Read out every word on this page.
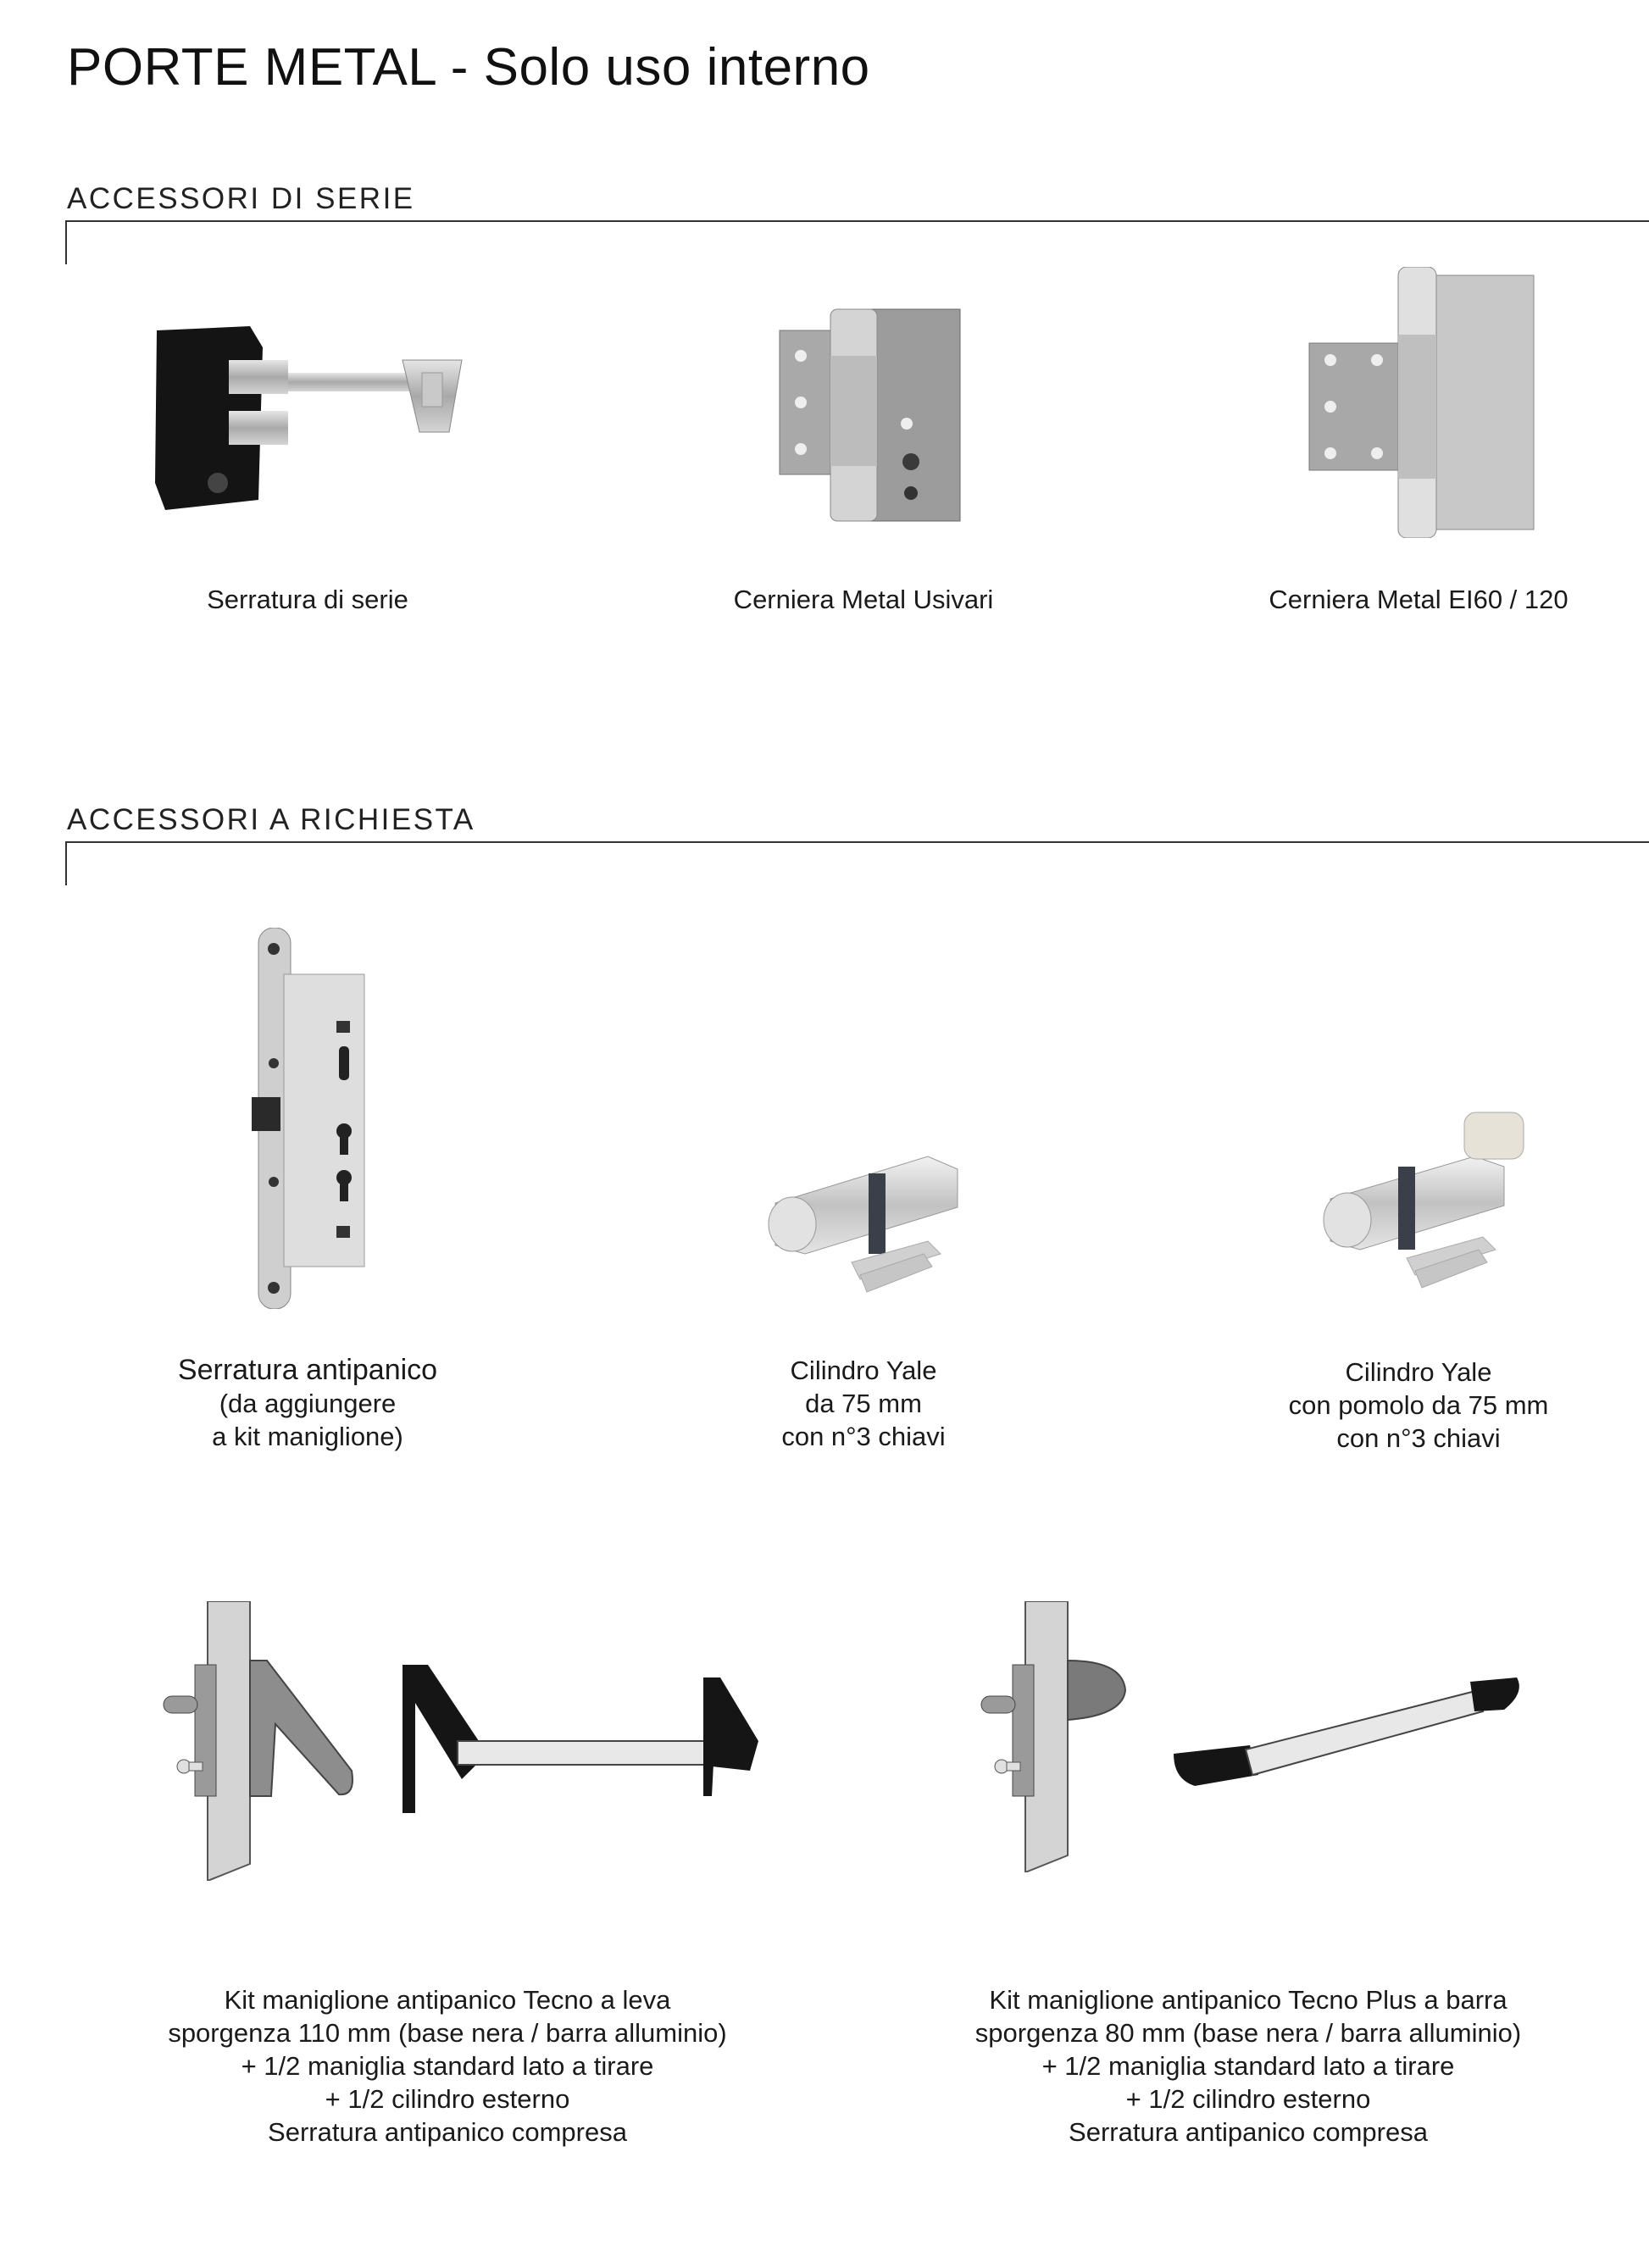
PORTE METAL - Solo uso interno
ACCESSORI DI SERIE
Serratura di serie	Cerniera Metal Usivari	Cerniera Metal EI60 / 120
ACCESSORI A RICHIESTA
Serratura antipanico
(da aggiungere
a kit maniglione)
Cilindro Yale
da 75 mm
con n°3 chiavi
Cilindro Yale
con pomolo da 75 mm
con n°3 chiavi
Kit maniglione antipanico Tecno a leva
sporgenza 110 mm (base nera / barra alluminio)
+ 1/2 maniglia standard lato a tirare
+ 1/2 cilindro esterno
Serratura antipanico compresa
Kit maniglione antipanico Tecno Plus a barra
sporgenza 80 mm (base nera / barra alluminio)
+ 1/2 maniglia standard lato a tirare
+ 1/2 cilindro esterno
Serratura antipanico compresa
